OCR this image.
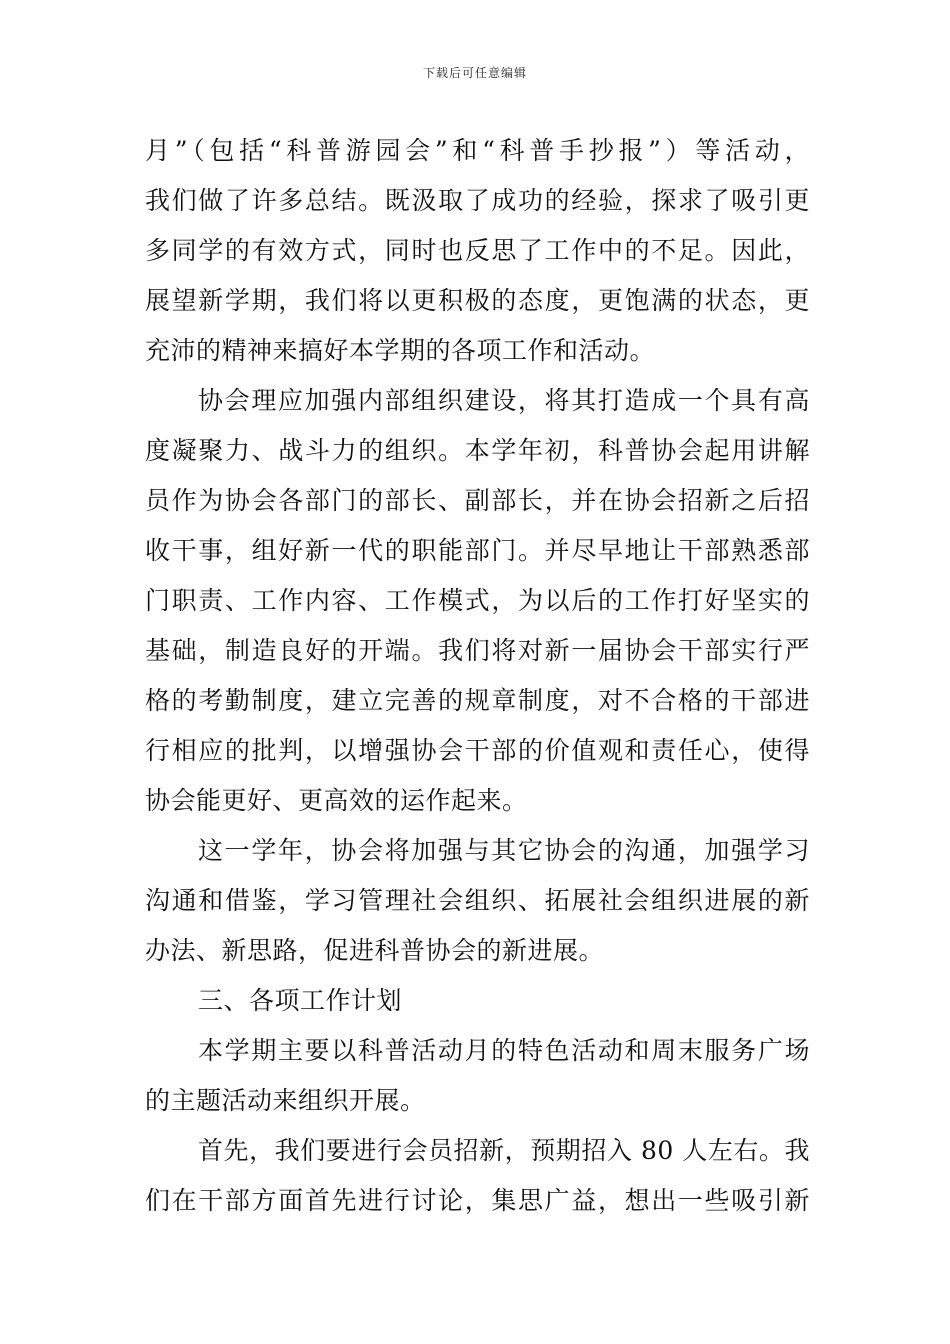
下载后可任意编辑
月”（包括“科普游园会”和“科普手抄报”）等活动，
我们做了许多总结。既汲取了成功的经验，探求了吸引更
多同学的有效方式，同时也反思了工作中的不足。因此，
展望新学期，我们将以更积极的态度，更饱满的状态，更
充沛的精神来搞好本学期的各项工作和活动。
协会理应加强内部组织建设，将其打造成一个具有高
度凝聚力、战斗力的组织。本学年初，科普协会起用讲解
员作为协会各部门的部长、副部长，并在协会招新之后招
收干事，组好新一代的职能部门。并尽早地让干部熟悉部
门职责、工作内容、工作模式，为以后的工作打好坚实的
基础，制造良好的开端。我们将对新一届协会干部实行严
格的考勤制度，建立完善的规章制度，对不合格的干部进
行相应的批判，以增强协会干部的价值观和责任心，使得
协会能更好、更高效的运作起来。
这一学年，协会将加强与其它协会的沟通，加强学习
沟通和借鉴，学习管理社会组织、拓展社会组织进展的新
办法、新思路，促进科普协会的新进展。
三、各项工作计划
本学期主要以科普活动月的特色活动和周末服务广场
的主题活动来组织开展。
首先，我们要进行会员招新，预期招入 80 人左右。我
们在干部方面首先进行讨论，集思广益，想出一些吸引新
